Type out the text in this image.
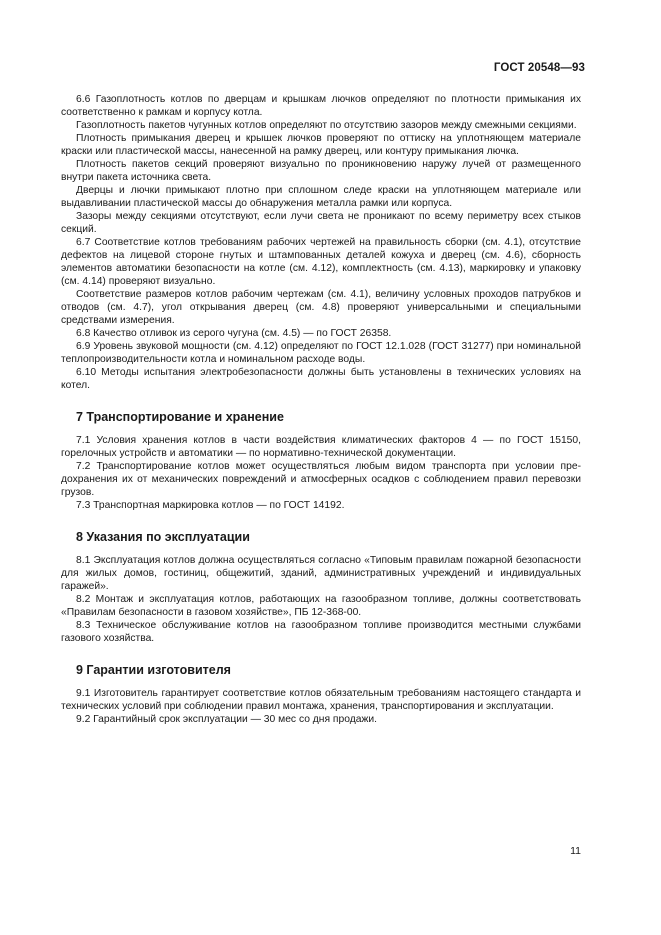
ГОСТ 20548—93

6.6 Газоплотность котлов по дверцам и крышкам лючков определяют по плотности примыкания их соответственно к рамкам и корпусу котла.

Газоплотность пакетов чугунных котлов определяют по отсутствию зазоров между смежными секциями.

Плотность примыкания дверец и крышек лючков проверяют по оттиску на уплотняющем материале краски или пластической массы, нанесенной на рамку дверец, или контуру примыкания лючка.

Плотность пакетов секций проверяют визуально по проникновению наружу лучей от размещенного внутри пакета источника света.

Дверцы и лючки примыкают плотно при сплошном следе краски на уплотняющем материале или выдавливании пластической массы до обнаружения металла рамки или корпуса.

Зазоры между секциями отсутствуют, если лучи света не проникают по всему периметру всех стыков секций.

6.7 Соответствие котлов требованиям рабочих чертежей на правильность сборки (см. 4.1), отсутствие дефектов на лицевой стороне гнутых и штампованных деталей кожуха и дверец (см. 4.6), сборность элементов автоматики безопасности на котле (см. 4.12), комплектность (см. 4.13), маркировку и упаковку (см. 4.14) проверяют визуально.

Соответствие размеров котлов рабочим чертежам (см. 4.1), величину условных проходов патрубков и отводов (см. 4.7), угол открывания дверец (см. 4.8) проверяют универсальными и специальными средствами измерения.

6.8 Качество отливок из серого чугуна (см. 4.5) — по ГОСТ 26358.

6.9 Уровень звуковой мощности (см. 4.12) определяют по ГОСТ 12.1.028 (ГОСТ 31277) при номинальной теплопроизводительности котла и номинальном расходе воды.

6.10 Методы испытания электробезопасности должны быть установлены в технических условиях на котел.

7 Транспортирование и хранение

7.1 Условия хранения котлов в части воздействия климатических факторов 4 — по ГОСТ 15150, горелочных устройств и автоматики — по нормативно-технической документации.

7.2 Транспортирование котлов может осуществляться любым видом транспорта при условии предохранения их от механических повреждений и атмосферных осадков с соблюдением правил перевозки грузов.

7.3 Транспортная маркировка котлов — по ГОСТ 14192.

8 Указания по эксплуатации

8.1 Эксплуатация котлов должна осуществляться согласно «Типовым правилам пожарной безопасности для жилых домов, гостиниц, общежитий, зданий, административных учреждений и индивидуальных гаражей».

8.2 Монтаж и эксплуатация котлов, работающих на газообразном топливе, должны соответствовать «Правилам безопасности в газовом хозяйстве», ПБ 12-368-00.

8.3 Техническое обслуживание котлов на газообразном топливе производится местными службами газового хозяйства.

9 Гарантии изготовителя

9.1 Изготовитель гарантирует соответствие котлов обязательным требованиям настоящего стандарта и технических условий при соблюдении правил монтажа, хранения, транспортирования и эксплуатации.

9.2 Гарантийный срок эксплуатации — 30 мес со дня продажи.

11
